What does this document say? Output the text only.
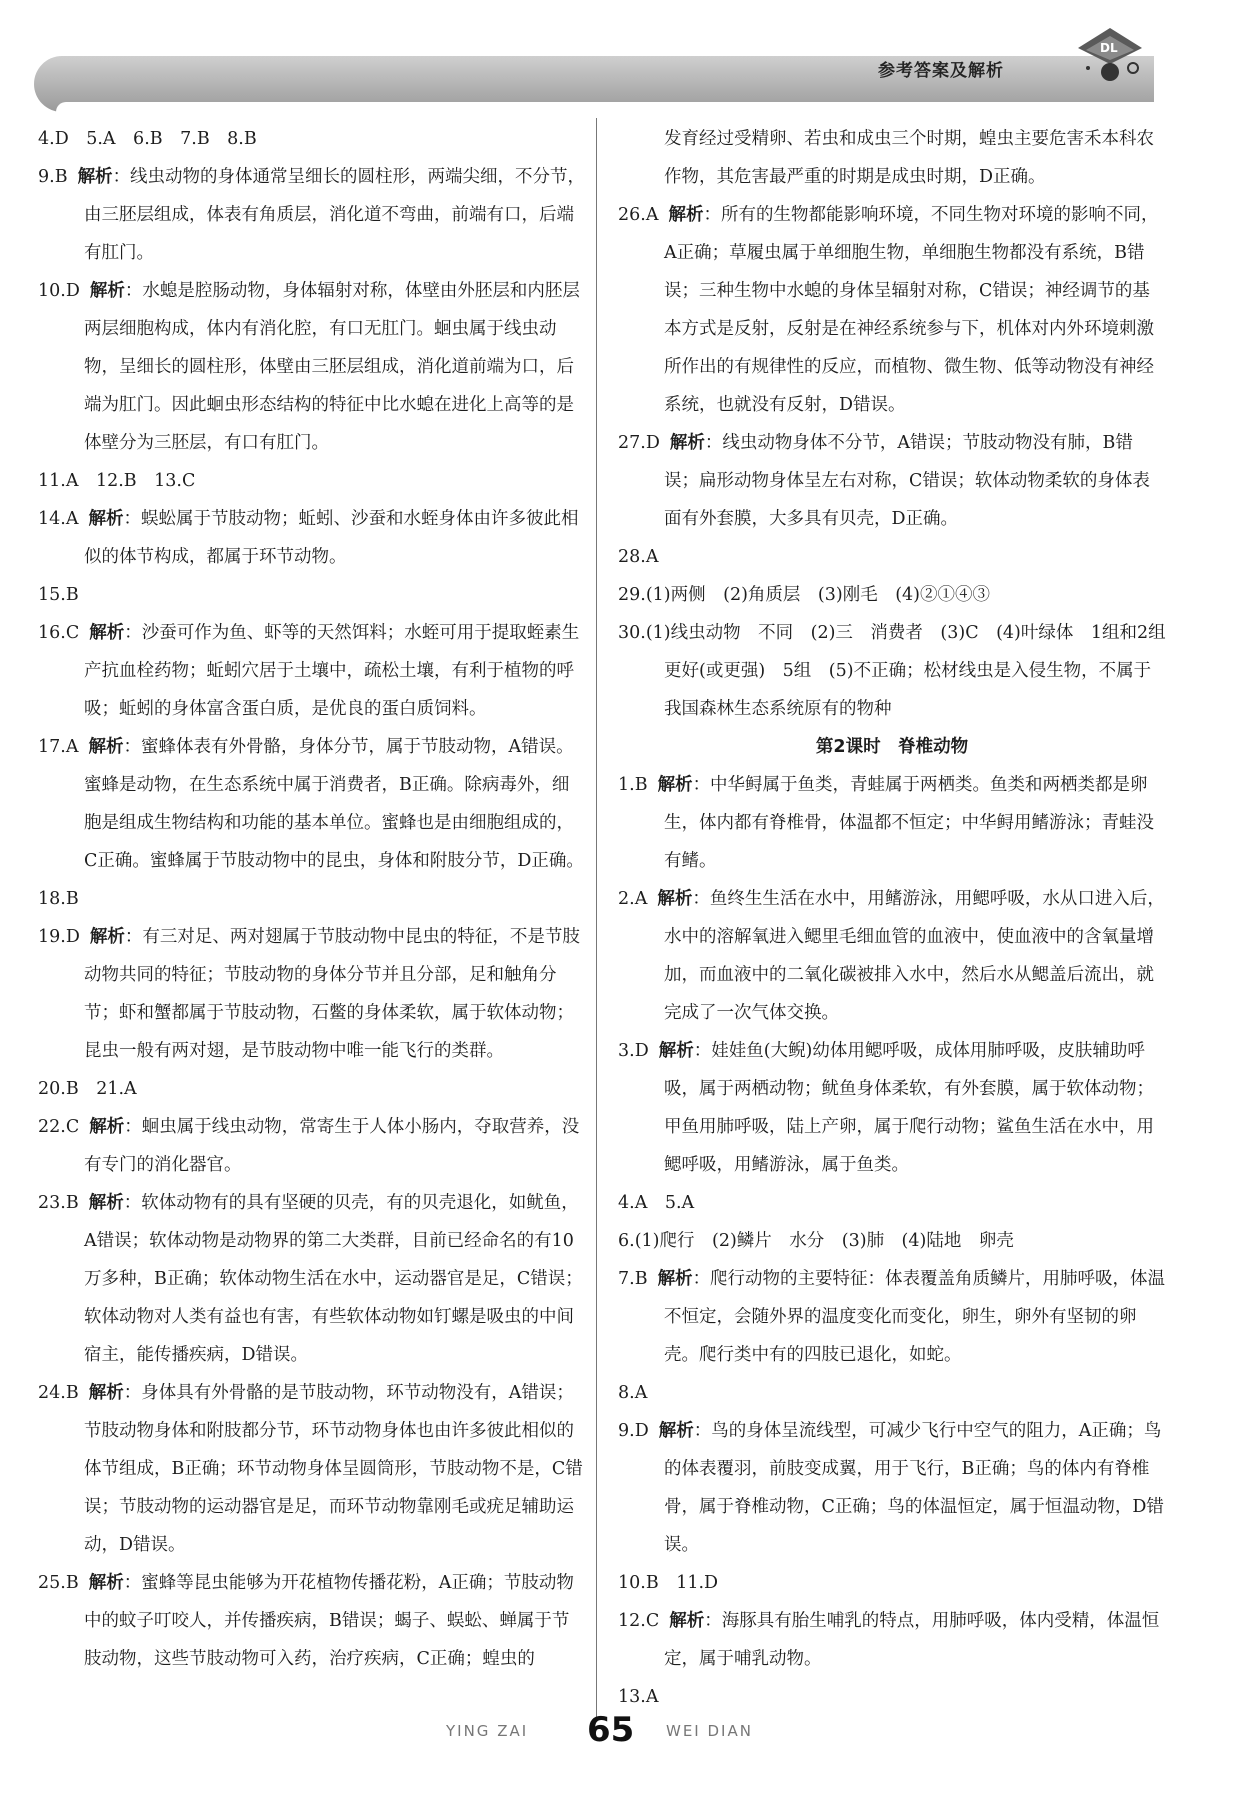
参考答案及解析
DL

4.D　5.A　6.B　7.B　8.B

9.B 解析：线虫动物的身体通常呈细长的圆柱形，两端尖细，不分节，由三胚层组成，体表有角质层，消化道不弯曲，前端有口，后端有肛门。

10.D 解析：水螅是腔肠动物，身体辐射对称，体壁由外胚层和内胚层两层细胞构成，体内有消化腔，有口无肛门。蛔虫属于线虫动物，呈细长的圆柱形，体壁由三胚层组成，消化道前端为口，后端为肛门。因此蛔虫形态结构的特征中比水螅在进化上高等的是体壁分为三胚层，有口有肛门。

11.A　12.B　13.C

14.A 解析：蜈蚣属于节肢动物；蚯蚓、沙蚕和水蛭身体由许多彼此相似的体节构成，都属于环节动物。

15.B

16.C 解析：沙蚕可作为鱼、虾等的天然饵料；水蛭可用于提取蛭素生产抗血栓药物；蚯蚓穴居于土壤中，疏松土壤，有利于植物的呼吸；蚯蚓的身体富含蛋白质，是优良的蛋白质饲料。

17.A 解析：蜜蜂体表有外骨骼，身体分节，属于节肢动物，A错误。蜜蜂是动物，在生态系统中属于消费者，B正确。除病毒外，细胞是组成生物结构和功能的基本单位。蜜蜂也是由细胞组成的，C正确。蜜蜂属于节肢动物中的昆虫，身体和附肢分节，D正确。

18.B

19.D 解析：有三对足、两对翅属于节肢动物中昆虫的特征，不是节肢动物共同的特征；节肢动物的身体分节并且分部，足和触角分节；虾和蟹都属于节肢动物，石鳖的身体柔软，属于软体动物；昆虫一般有两对翅，是节肢动物中唯一能飞行的类群。

20.B　21.A

22.C 解析：蛔虫属于线虫动物，常寄生于人体小肠内，夺取营养，没有专门的消化器官。

23.B 解析：软体动物有的具有坚硬的贝壳，有的贝壳退化，如鱿鱼，A错误；软体动物是动物界的第二大类群，目前已经命名的有10万多种，B正确；软体动物生活在水中，运动器官是足，C错误；软体动物对人类有益也有害，有些软体动物如钉螺是吸虫的中间宿主，能传播疾病，D错误。

24.B 解析：身体具有外骨骼的是节肢动物，环节动物没有，A错误；节肢动物身体和附肢都分节，环节动物身体也由许多彼此相似的体节组成，B正确；环节动物身体呈圆筒形，节肢动物不是，C错误；节肢动物的运动器官是足，而环节动物靠刚毛或疣足辅助运动，D错误。

25.B 解析：蜜蜂等昆虫能够为开花植物传播花粉，A正确；节肢动物中的蚊子叮咬人，并传播疾病，B错误；蝎子、蜈蚣、蝉属于节肢动物，这些节肢动物可入药，治疗疾病，C正确；蝗虫的

发育经过受精卵、若虫和成虫三个时期，蝗虫主要危害禾本科农作物，其危害最严重的时期是成虫时期，D正确。

26.A 解析：所有的生物都能影响环境，不同生物对环境的影响不同，A正确；草履虫属于单细胞生物，单细胞生物都没有系统，B错误；三种生物中水螅的身体呈辐射对称，C错误；神经调节的基本方式是反射，反射是在神经系统参与下，机体对内外环境刺激所作出的有规律性的反应，而植物、微生物、低等动物没有神经系统，也就没有反射，D错误。

27.D 解析：线虫动物身体不分节，A错误；节肢动物没有肺，B错误；扁形动物身体呈左右对称，C错误；软体动物柔软的身体表面有外套膜，大多具有贝壳，D正确。

28.A

29.(1)两侧　(2)角质层　(3)刚毛　(4)②①④③

30.(1)线虫动物　不同　(2)三　消费者　(3)C　(4)叶绿体　1组和2组　更好(或更强)　5组　(5)不正确；松材线虫是入侵生物，不属于我国森林生态系统原有的物种

第2课时　脊椎动物

1.B 解析：中华鲟属于鱼类，青蛙属于两栖类。鱼类和两栖类都是卵生，体内都有脊椎骨，体温都不恒定；中华鲟用鳍游泳；青蛙没有鳍。

2.A 解析：鱼终生生活在水中，用鳍游泳，用鳃呼吸，水从口进入后，水中的溶解氧进入鳃里毛细血管的血液中，使血液中的含氧量增加，而血液中的二氧化碳被排入水中，然后水从鳃盖后流出，就完成了一次气体交换。

3.D 解析：娃娃鱼(大鲵)幼体用鳃呼吸，成体用肺呼吸，皮肤辅助呼吸，属于两栖动物；鱿鱼身体柔软，有外套膜，属于软体动物；甲鱼用肺呼吸，陆上产卵，属于爬行动物；鲨鱼生活在水中，用鳃呼吸，用鳍游泳，属于鱼类。

4.A　5.A

6.(1)爬行　(2)鳞片　水分　(3)肺　(4)陆地　卵壳

7.B 解析：爬行动物的主要特征：体表覆盖角质鳞片，用肺呼吸，体温不恒定，会随外界的温度变化而变化，卵生，卵外有坚韧的卵壳。爬行类中有的四肢已退化，如蛇。

8.A

9.D 解析：鸟的身体呈流线型，可减少飞行中空气的阻力，A正确；鸟的体表覆羽，前肢变成翼，用于飞行，B正确；鸟的体内有脊椎骨，属于脊椎动物，C正确；鸟的体温恒定，属于恒温动物，D错误。

10.B　11.D

12.C 解析：海豚具有胎生哺乳的特点，用肺呼吸，体内受精，体温恒定，属于哺乳动物。

13.A

YING ZAI 65 WEI DIAN
